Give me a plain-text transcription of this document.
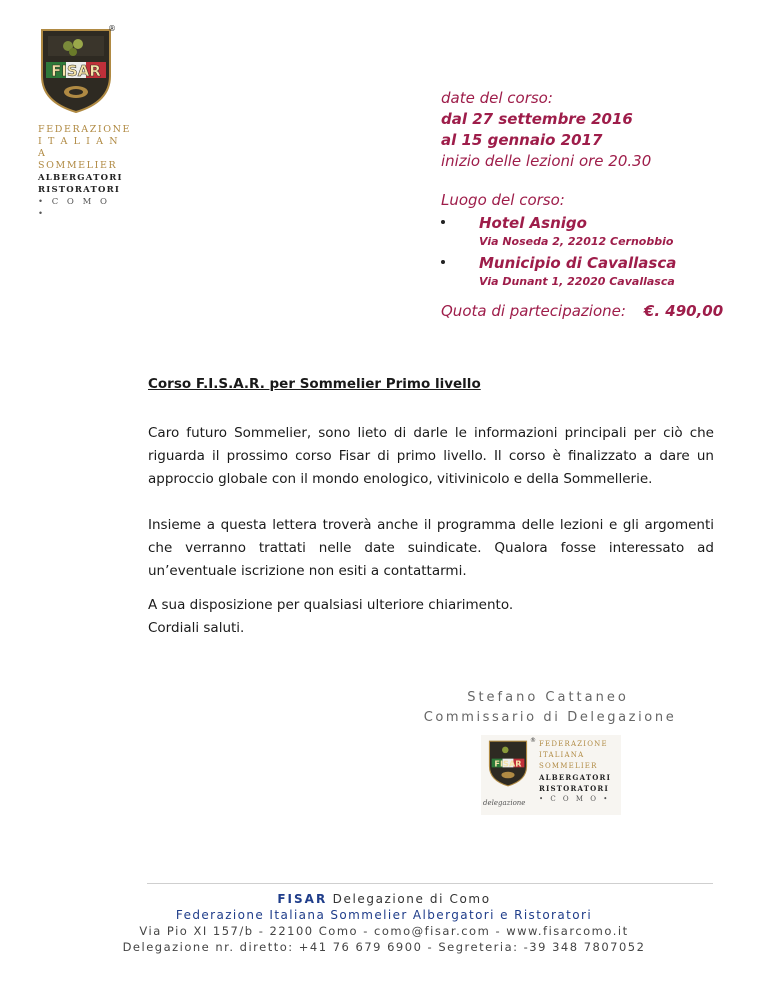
FISAR
®
FEDERAZIONE
I T A L I A N A
SOMMELIER
ALBERGATORI
RISTORATORI
• C O M O •
date del corso:
dal 27 settembre 2016
al 15 gennaio 2017
inizio delle lezioni ore 20.30
Luogo del corso:
Hotel Asnigo
Via Noseda 2, 22012 Cernobbio
Municipio di Cavallasca
Via Dunant 1, 22020 Cavallasca
Quota di partecipazione: €. 490,00
Corso F.I.S.A.R. per Sommelier Primo livello
Caro futuro Sommelier, sono lieto di darle le informazioni principali per ciò che riguarda il prossimo corso Fisar di primo livello. Il corso è finalizzato a dare un approccio globale con il mondo enologico, vitivinicolo e della Sommellerie.
Insieme a questa lettera troverà anche il programma delle lezioni e gli argomenti che verranno trattati nelle date suindicate. Qualora fosse interessato ad un’eventuale iscrizione non esiti a contattarmi.
A sua disposizione per qualsiasi ulteriore chiarimento.
Cordiali saluti.
Stefano Cattaneo
Commissario di Delegazione
FISAR
® FEDERAZIONE
ITALIANA
SOMMELIER
ALBERGATORI
RISTORATORI
• C O M O •
delegazione
FISAR Delegazione di Como
Federazione Italiana Sommelier Albergatori e Ristoratori
Via Pio XI 157/b - 22100 Como - como@fisar.com - www.fisarcomo.it
Delegazione nr. diretto: +41 76 679 6900 - Segreteria: -39 348 7807052
